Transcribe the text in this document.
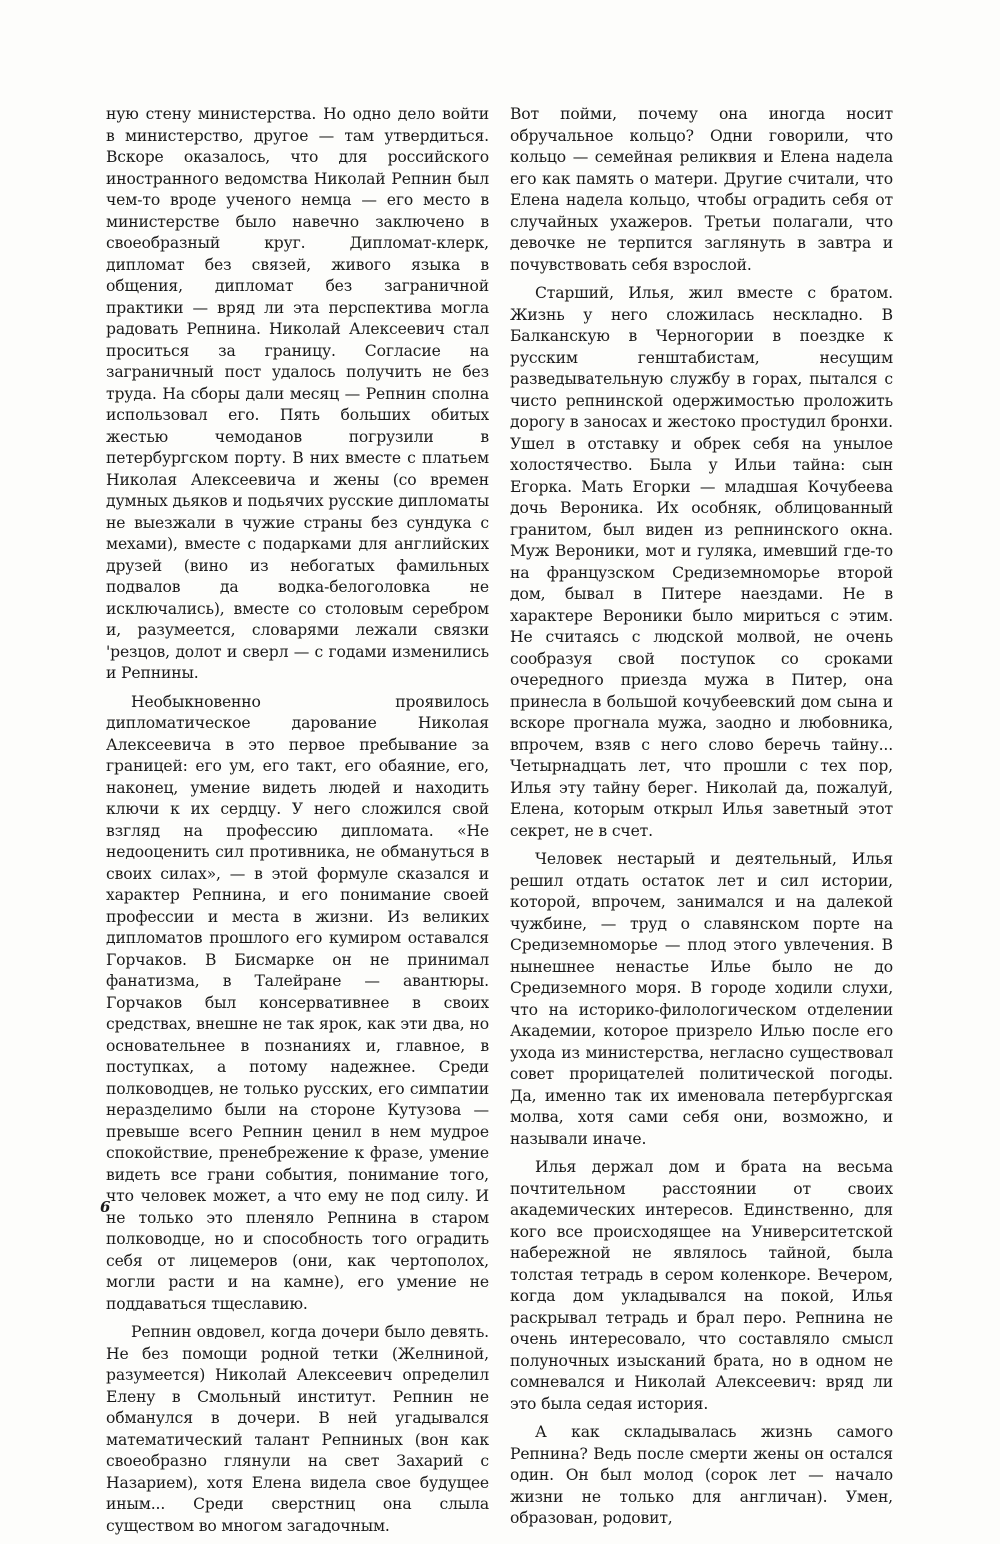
ную стену министерства. Но одно дело войти в министерство, другое — там утвердиться. Вскоре оказалось, что для российского иностранного ведомства Николай Репнин был чем-то вроде ученого немца — его место в министерстве было навечно заключено в своеобразный круг. Дипломат-клерк, дипломат без связей, живого языка в общения, дипломат без заграничной практики — вряд ли эта перспектива могла радовать Репнина. Николай Алексеевич стал проситься за границу. Согласие на заграничный пост удалось получить не без труда. На сборы дали месяц — Репнин сполна использовал его. Пять больших обитых жестью чемоданов погрузили в петербургском порту. В них вместе с платьем Николая Алексеевича и жены (со времен думных дьяков и подьячих русские дипломаты не выезжали в чужие страны без сундука с мехами), вместе с подарками для английских друзей (вино из небогатых фамильных подвалов да водка-белоголовка не исключались), вместе со столовым серебром и, разумеется, словарями лежали связки 'резцов, долот и сверл — с годами изменились и Репнины.

Необыкновенно проявилось дипломатическое дарование Николая Алексеевича в это первое пребывание за границей: его ум, его такт, его обаяние, его, наконец, умение видеть людей и находить ключи к их сердцу. У него сложился свой взгляд на профессию дипломата. «Не недооценить сил противника, не обмануться в своих силах», — в этой формуле сказался и характер Репнина, и его понимание своей профессии и места в жизни. Из великих дипломатов прошлого его кумиром оставался Горчаков. В Бисмарке он не принимал фанатизма, в Талейране — авантюры. Горчаков был консервативнее в своих средствах, внешне не так ярок, как эти два, но основательнее в познаниях и, главное, в поступках, а потому надежнее. Среди полководцев, не только русских, его симпатии неразделимо были на стороне Кутузова — превыше всего Репнин ценил в нем мудрое спокойствие, пренебрежение к фразе, умение видеть все грани события, понимание того, что человек может, а что ему не под силу. И не только это пленяло Репнина в старом полководце, но и способность того оградить себя от лицемеров (они, как чертополох, могли расти и на камне), его умение не поддаваться тщеславию.

Репнин овдовел, когда дочери было девять. Не без помощи родной тетки (Желниной, разумеется) Николай Алексеевич определил Елену в Смольный институт. Репнин не обманулся в дочери. В ней угадывался математический талант Репниных (вон как своеобразно глянули на свет Захарий с Назарием), хотя Елена видела свое будущее иным... Среди сверстниц она слыла существом во многом загадочным.

Вот пойми, почему она иногда носит обручальное кольцо? Одни говорили, что кольцо — семейная реликвия и Елена надела его как память о матери. Другие считали, что Елена надела кольцо, чтобы оградить себя от случайных ухажеров. Третьи полагали, что девочке не терпится заглянуть в завтра и почувствовать себя взрослой.

Старший, Илья, жил вместе с братом. Жизнь у него сложилась нескладно. В Балканскую в Черногории в поездке к русским генштабистам, несущим разведывательную службу в горах, пытался с чисто репнинской одержимостью проложить дорогу в заносах и жестоко простудил бронхи. Ушел в отставку и обрек себя на унылое холостячество. Была у Ильи тайна: сын Егорка. Мать Егорки — младшая Кочубеева дочь Вероника. Их особняк, облицованный гранитом, был виден из репнинского окна. Муж Вероники, мот и гуляка, имевший где-то на французском Средиземноморье второй дом, бывал в Питере наездами. Не в характере Вероники было мириться с этим. Не считаясь с людской молвой, не очень сообразуя свой поступок со сроками очередного приезда мужа в Питер, она принесла в большой кочубеевский дом сына и вскоре прогнала мужа, заодно и любовника, впрочем, взяв с него слово беречь тайну... Четырнадцать лет, что прошли с тех пор, Илья эту тайну берег. Николай да, пожалуй, Елена, которым открыл Илья заветный этот секрет, не в счет.

Человек нестарый и деятельный, Илья решил отдать остаток лет и сил истории, которой, впрочем, занимался и на далекой чужбине, — труд о славянском порте на Средиземноморье — плод этого увлечения. В нынешнее ненастье Илье было не до Средиземного моря. В городе ходили слухи, что на историко-филологическом отделении Академии, которое призрело Илью после его ухода из министерства, негласно существовал совет прорицателей политической погоды. Да, именно так их именовала петербургская молва, хотя сами себя они, возможно, и называли иначе.

Илья держал дом и брата на весьма почтительном расстоянии от своих академических интересов. Единственно, для кого все происходящее на Университетской набережной не являлось тайной, была толстая тетрадь в сером коленкоре. Вечером, когда дом укладывался на покой, Илья раскрывал тетрадь и брал перо. Репнина не очень интересовало, что составляло смысл полуночных изысканий брата, но в одном не сомневался и Николай Алексеевич: вряд ли это была седая история.

А как складывалась жизнь самого Репнина? Ведь после смерти жены он остался один. Он был молод (сорок лет — начало жизни не только для англичан). Умен, образован, родовит,

6
